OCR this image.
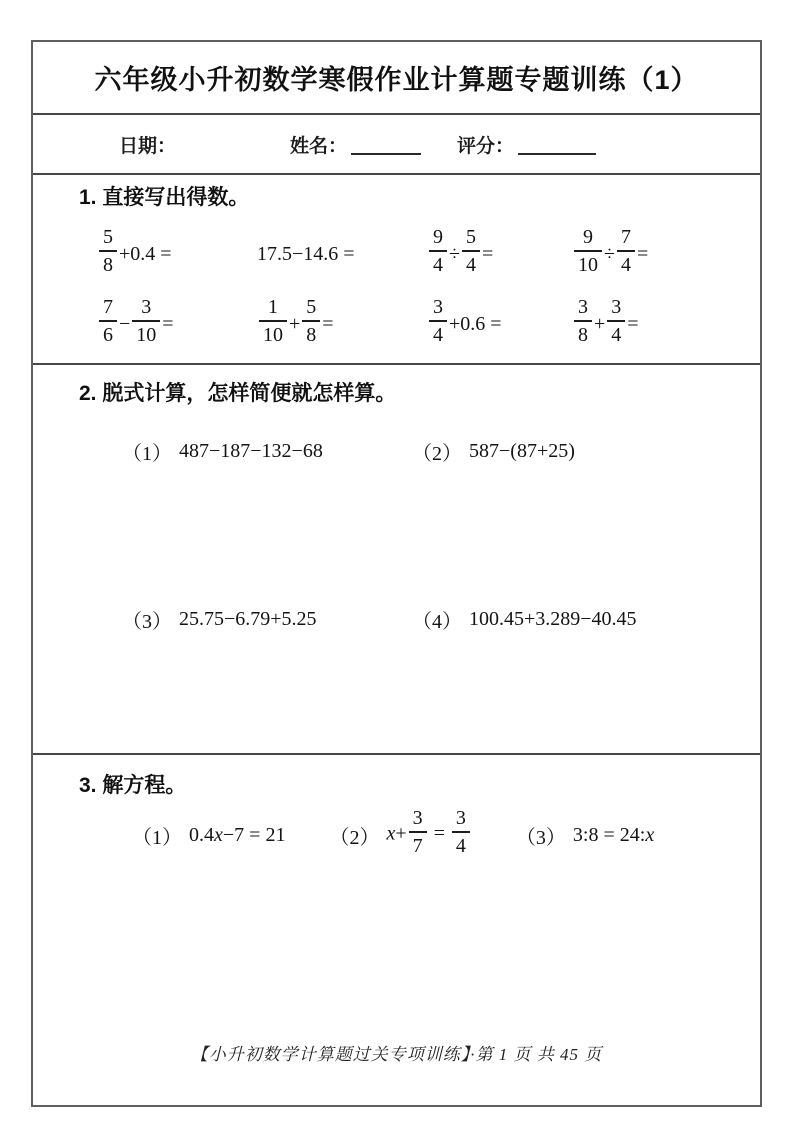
六年级小升初数学寒假作业计算题专题训练（1）
日期：	姓名：	评分：
1. 直接写出得数。
$\frac{5}{8} +0.4$ =	17.5−14.6 =	$\frac{9}{4} \div \frac{5}{4}$ =	$\frac{9}{10} \div \frac{7}{4}$ =
$\frac{7}{6} - \frac{3}{10}$ =	$\frac{1}{10} + \frac{5}{8}$ =	$\frac{3}{4} +0.6$ =	$\frac{3}{8} + \frac{3}{4}$ =
2. 脱式计算，怎样简便就怎样算。
（1） 487−187−132−68	（2） 587−(87+25)
（3） 25.75−6.79+5.25	（4） 100.45+3.289−40.45
3. 解方程。
（1） 0.4x−7 = 21 （2） $x+ \frac{3}{7} = \frac{3}{4} (3)$ 3:8 = 24:x
【小升初数学计算题过关专项训练】·第 1 页 共 45 页
